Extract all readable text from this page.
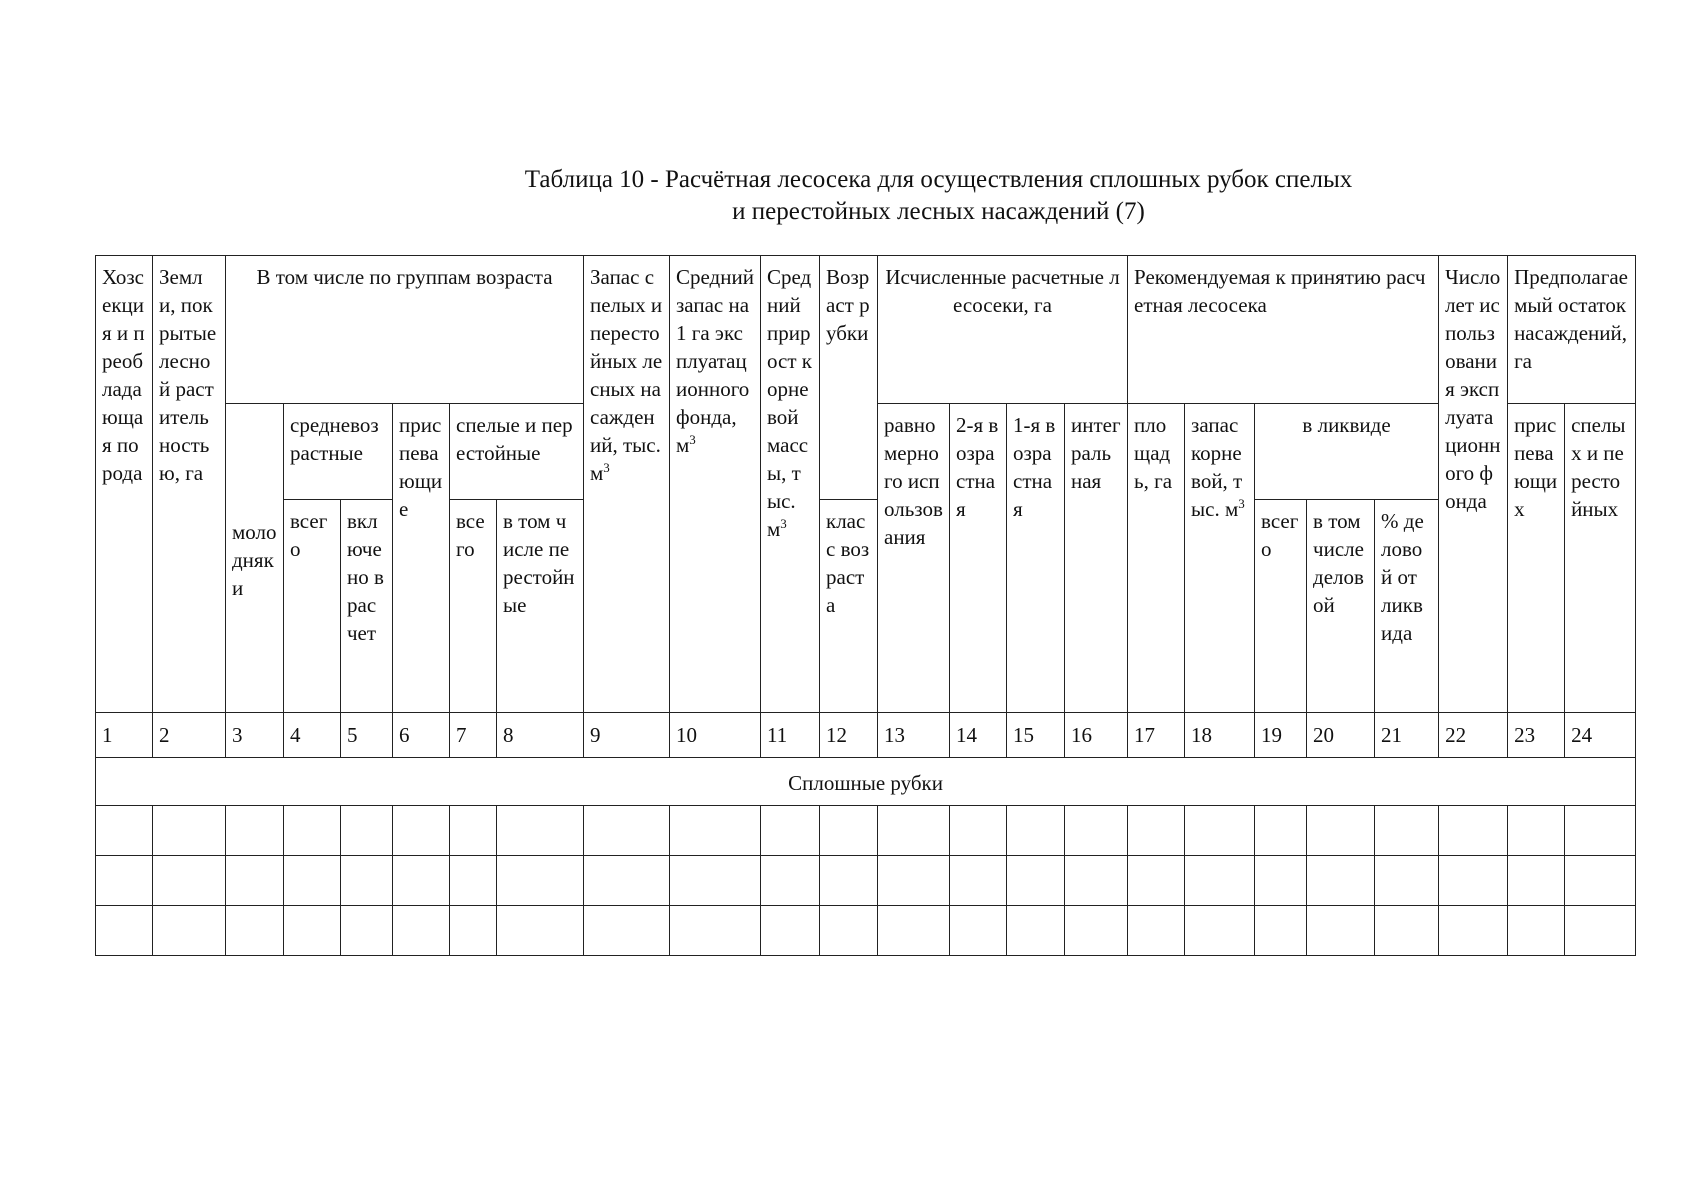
Таблица 10 - Расчётная лесосека для осуществления сплошных рубок спелых
и перестойных лесных насаждений (7)
Хозсекция и преобладающая порода	Земли, покрытые лесной растительностью, га	В том числе по группам возраста						Запас спелых и перестойных лесных насаждений, тыс. $м^3$	Средний запас на 1 га эксплуатационного фонда, $м^3$	Средний прирост корневой массы, тыс. $м^3$	Возраст рубки	Исчисленные расчетные лесосеки, га				Рекомендуемая к принятию расчетная лесосека					Число лет использования эксплуатационного фонда	Предполагаемый остаток насаждений, га	
		молодняки	средневозрастные		приспевающие	спелые и перестойные						равномерного использования	2-я возрастная	1-я возрастная	интегральная	площадь, га	запас корневой, тыс. $м^3$	в ликвиде				приспевающих	спелых и перестойных
			всего	включено в расчет		всего	в том числе перестойные				класс возраста							всего	в том числе деловой	% деловой от ликвида			
1	2	3	4	5	6	7	8	9	10	11	12	13	14	15	16	17	18	19	20	21	22	23	24
Сплошные рубки																							
